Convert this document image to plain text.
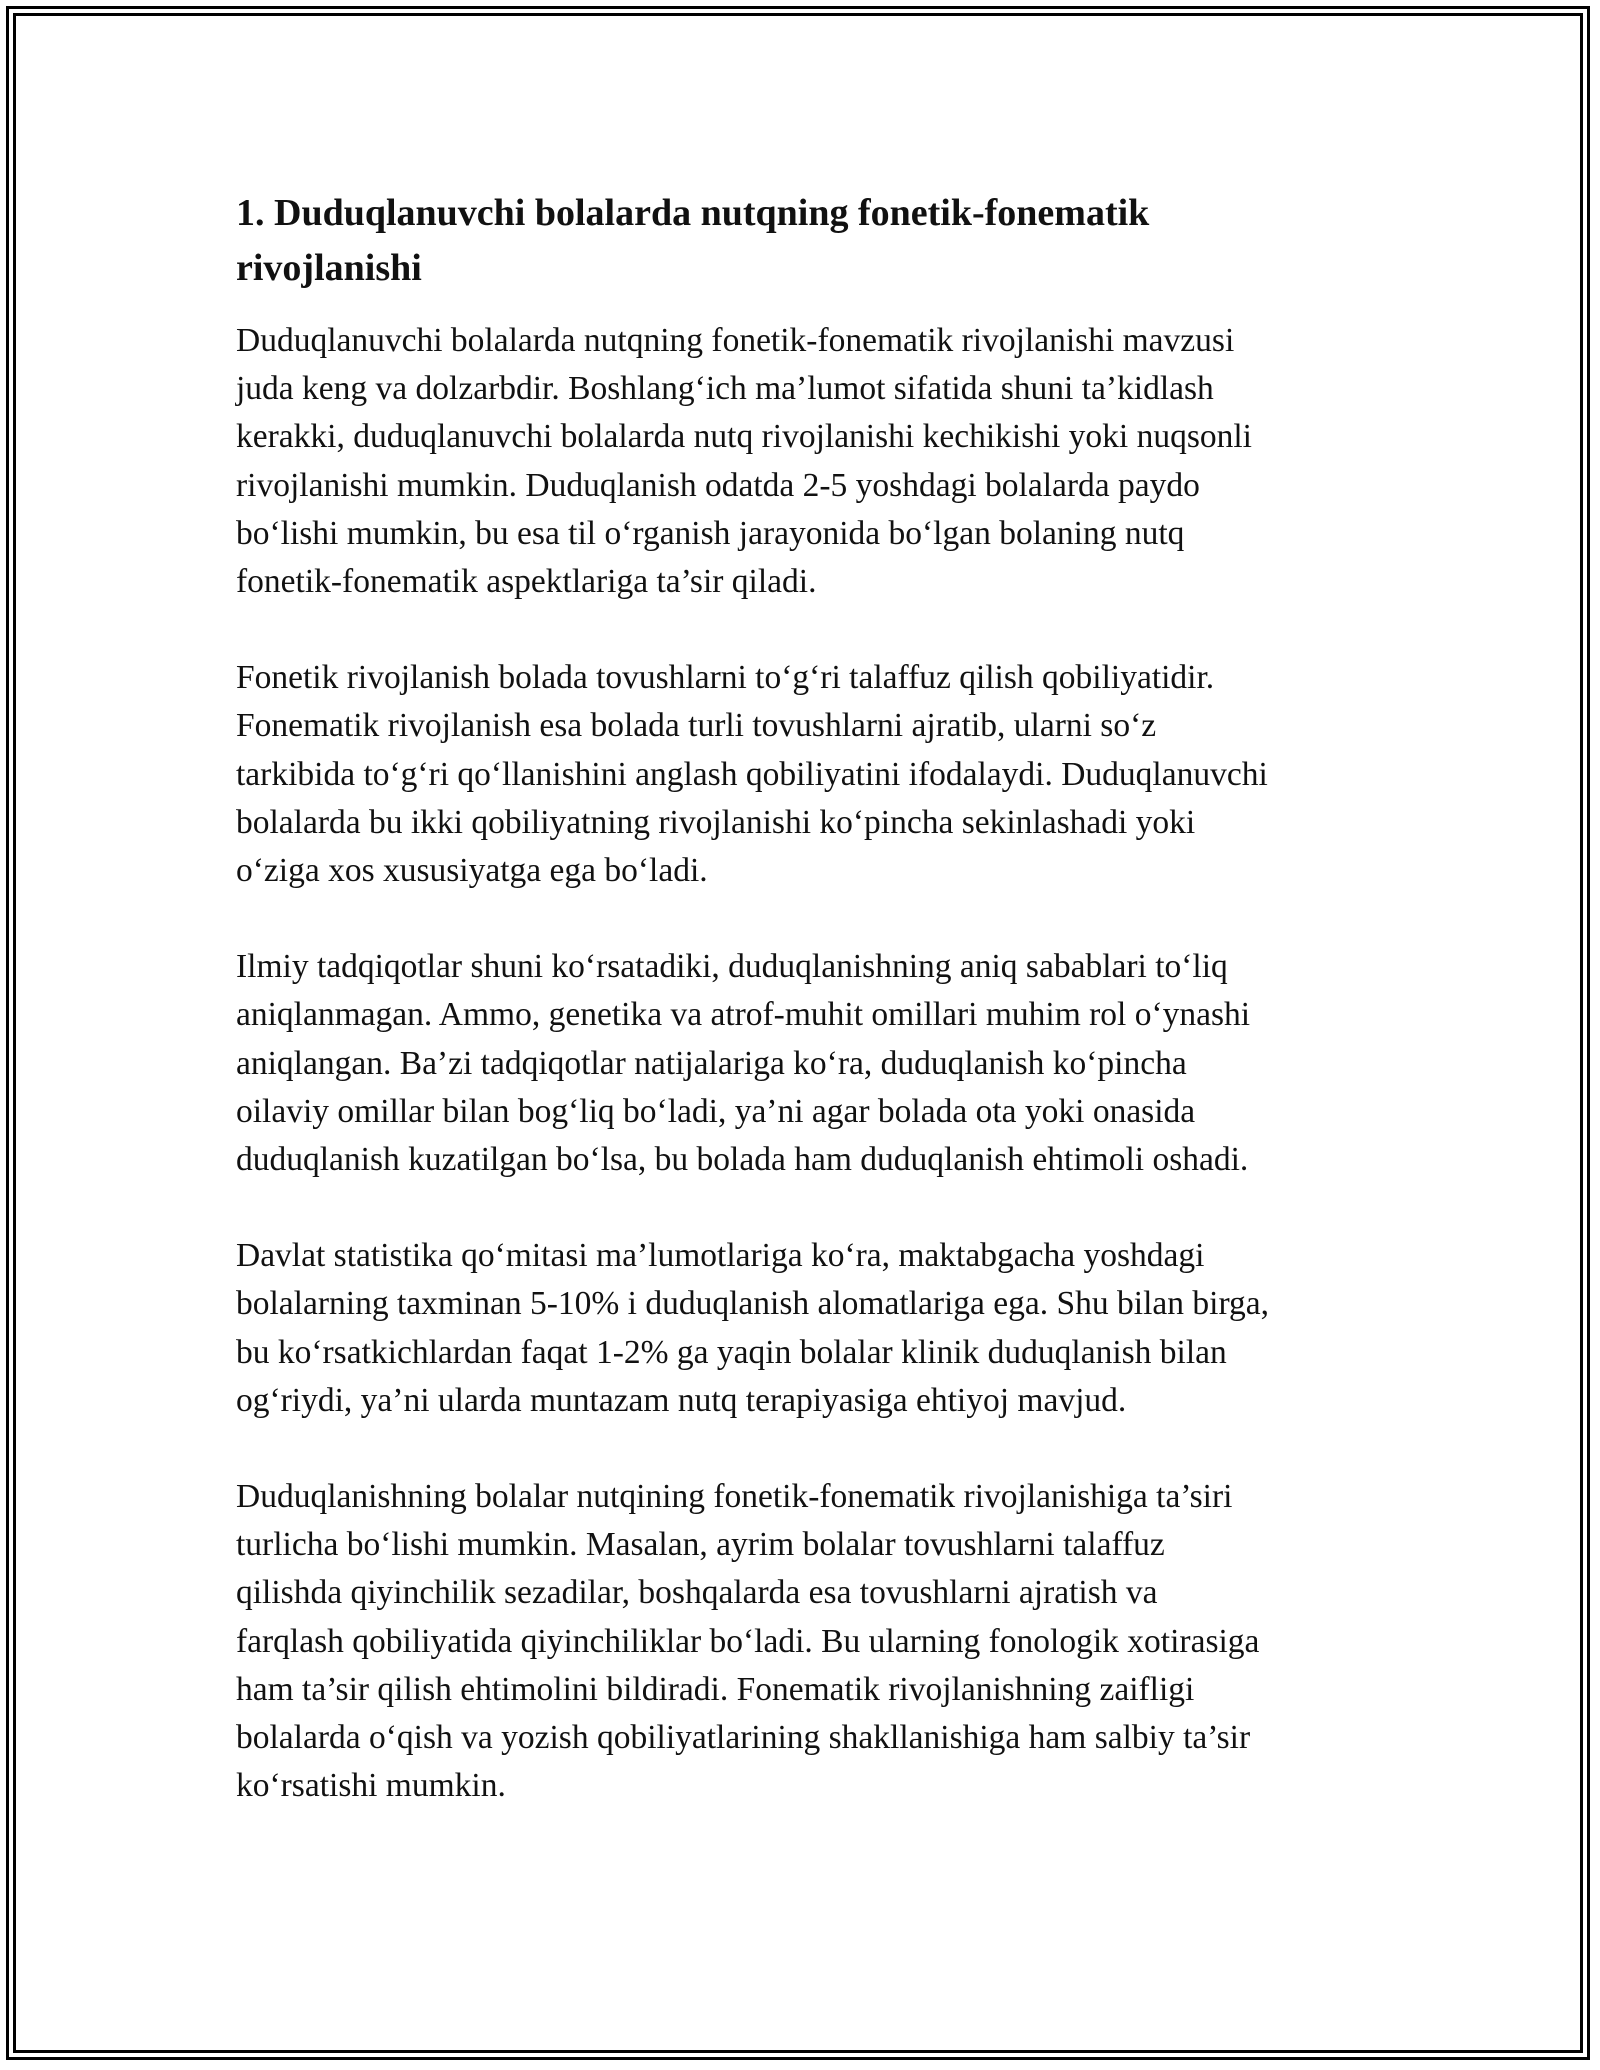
1. Duduqlanuvchi bolalarda nutqning fonetik-fonematik
rivojlanishi

Duduqlanuvchi bolalarda nutqning fonetik-fonematik rivojlanishi mavzusi
juda keng va dolzarbdir. Boshlang‘ich ma’lumot sifatida shuni ta’kidlash
kerakki, duduqlanuvchi bolalarda nutq rivojlanishi kechikishi yoki nuqsonli
rivojlanishi mumkin. Duduqlanish odatda 2-5 yoshdagi bolalarda paydo
bo‘lishi mumkin, bu esa til o‘rganish jarayonida bo‘lgan bolaning nutq
fonetik-fonematik aspektlariga ta’sir qiladi.

Fonetik rivojlanish bolada tovushlarni to‘g‘ri talaffuz qilish qobiliyatidir.
Fonematik rivojlanish esa bolada turli tovushlarni ajratib, ularni so‘z
tarkibida to‘g‘ri qo‘llanishini anglash qobiliyatini ifodalaydi. Duduqlanuvchi
bolalarda bu ikki qobiliyatning rivojlanishi ko‘pincha sekinlashadi yoki
o‘ziga xos xususiyatga ega bo‘ladi.

Ilmiy tadqiqotlar shuni ko‘rsatadiki, duduqlanishning aniq sabablari to‘liq
aniqlanmagan. Ammo, genetika va atrof-muhit omillari muhim rol o‘ynashi
aniqlangan. Ba’zi tadqiqotlar natijalariga ko‘ra, duduqlanish ko‘pincha
oilaviy omillar bilan bog‘liq bo‘ladi, ya’ni agar bolada ota yoki onasida
duduqlanish kuzatilgan bo‘lsa, bu bolada ham duduqlanish ehtimoli oshadi.

Davlat statistika qo‘mitasi ma’lumotlariga ko‘ra, maktabgacha yoshdagi
bolalarning taxminan 5-10% i duduqlanish alomatlariga ega. Shu bilan birga,
bu ko‘rsatkichlardan faqat 1-2% ga yaqin bolalar klinik duduqlanish bilan
og‘riydi, ya’ni ularda muntazam nutq terapiyasiga ehtiyoj mavjud.

Duduqlanishning bolalar nutqining fonetik-fonematik rivojlanishiga ta’siri
turlicha bo‘lishi mumkin. Masalan, ayrim bolalar tovushlarni talaffuz
qilishda qiyinchilik sezadilar, boshqalarda esa tovushlarni ajratish va
farqlash qobiliyatida qiyinchiliklar bo‘ladi. Bu ularning fonologik xotirasiga
ham ta’sir qilish ehtimolini bildiradi. Fonematik rivojlanishning zaifligi
bolalarda o‘qish va yozish qobiliyatlarining shakllanishiga ham salbiy ta’sir
ko‘rsatishi mumkin.
